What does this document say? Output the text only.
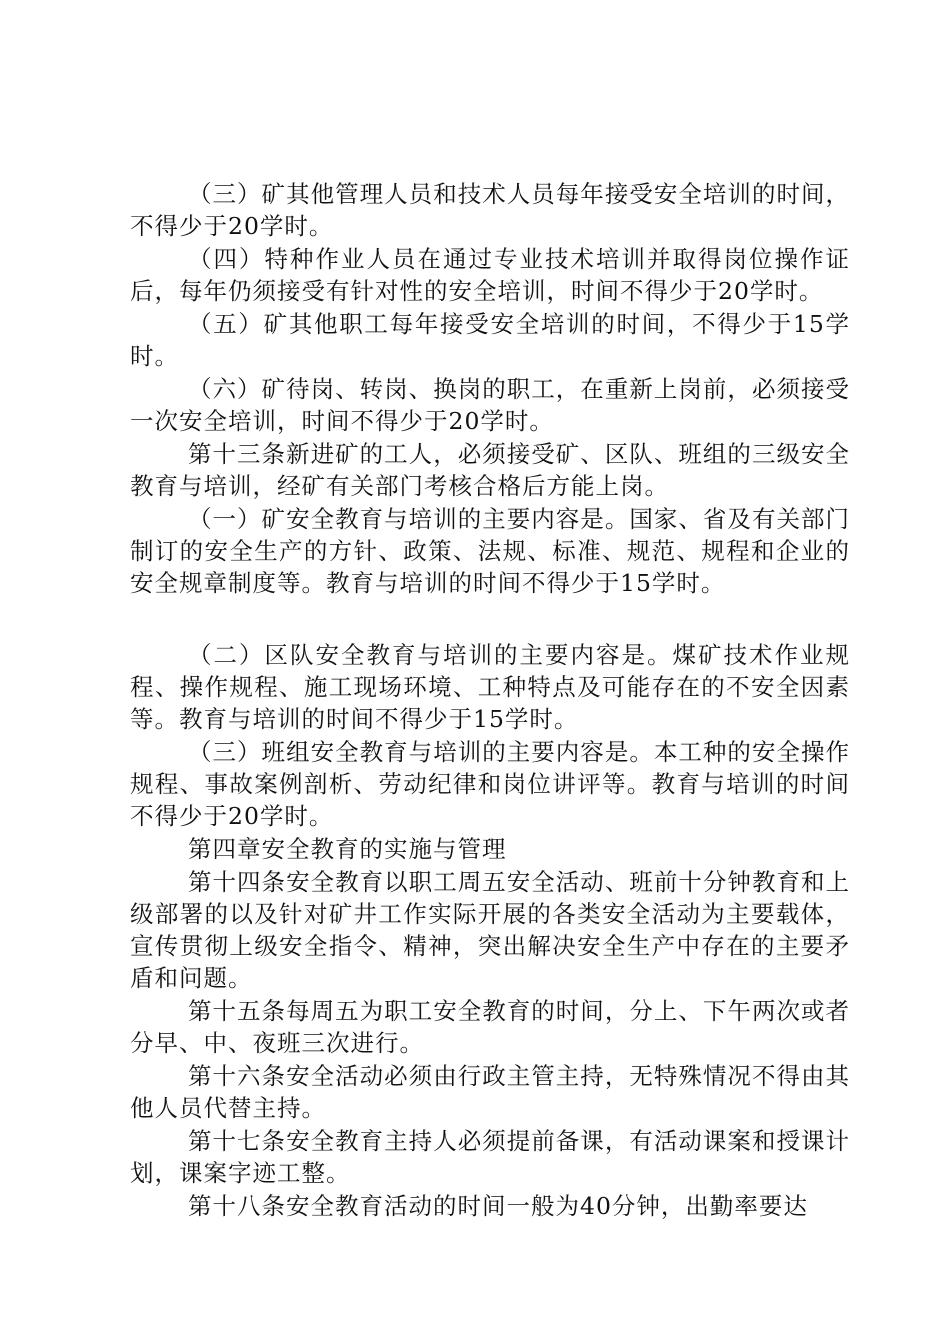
（三）矿其他管理人员和技术人员每年接受安全培训的时间，不得少于20学时。

（四）特种作业人员在通过专业技术培训并取得岗位操作证后，每年仍须接受有针对性的安全培训，时间不得少于20学时。

（五）矿其他职工每年接受安全培训的时间，不得少于15学时。

（六）矿待岗、转岗、换岗的职工，在重新上岗前，必须接受一次安全培训，时间不得少于20学时。

第十三条新进矿的工人，必须接受矿、区队、班组的三级安全教育与培训，经矿有关部门考核合格后方能上岗。

（一）矿安全教育与培训的主要内容是。国家、省及有关部门制订的安全生产的方针、政策、法规、标准、规范、规程和企业的安全规章制度等。教育与培训的时间不得少于15学时。

（二）区队安全教育与培训的主要内容是。煤矿技术作业规程、操作规程、施工现场环境、工种特点及可能存在的不安全因素等。教育与培训的时间不得少于15学时。

（三）班组安全教育与培训的主要内容是。本工种的安全操作规程、事故案例剖析、劳动纪律和岗位讲评等。教育与培训的时间不得少于20学时。

第四章安全教育的实施与管理

第十四条安全教育以职工周五安全活动、班前十分钟教育和上级部署的以及针对矿井工作实际开展的各类安全活动为主要载体，宣传贯彻上级安全指令、精神，突出解决安全生产中存在的主要矛盾和问题。

第十五条每周五为职工安全教育的时间，分上、下午两次或者分早、中、夜班三次进行。

第十六条安全活动必须由行政主管主持，无特殊情况不得由其他人员代替主持。

第十七条安全教育主持人必须提前备课，有活动课案和授课计划，课案字迹工整。

第十八条安全教育活动的时间一般为40分钟，出勤率要达
